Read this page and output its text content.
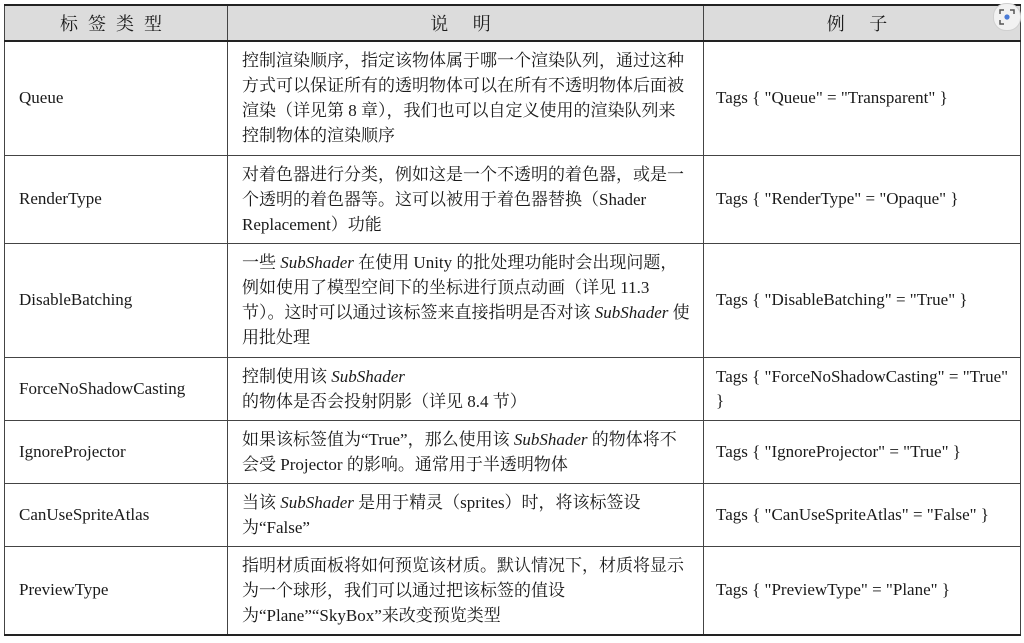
标签类型	说 明	例 子
Queue	控制渲染顺序，指定该物体属于哪一个渲染队列，通过这种方式可以保证所有的透明物体可以在所有不透明物体后面被渲染（详见第 8 章），我们也可以自定义使用的渲染队列来控制物体的渲染顺序	Tags { "Queue" = "Transparent" }
RenderType	对着色器进行分类，例如这是一个不透明的着色器，或是一个透明的着色器等。这可以被用于着色器替换（Shader Replacement）功能	Tags { "RenderType" = "Opaque" }
DisableBatching	一些 SubShader 在使用 Unity 的批处理功能时会出现问题，例如使用了模型空间下的坐标进行顶点动画（详见 11.3 节）。这时可以通过该标签来直接指明是否对该 SubShader 使用批处理	Tags { "DisableBatching" = "True" }
ForceNoShadowCasting	控制使用该 SubShader 的物体是否会投射阴影（详见 8.4 节）	Tags { "ForceNoShadowCasting" = "True" }
IgnoreProjector	如果该标签值为“True”，那么使用该 SubShader 的物体将不会受 Projector 的影响。通常用于半透明物体	Tags { "IgnoreProjector" = "True" }
CanUseSpriteAtlas	当该 SubShader 是用于精灵（sprites）时，将该标签设为“False”	Tags { "CanUseSpriteAtlas" = "False" }
PreviewType	指明材质面板将如何预览该材质。默认情况下，材质将显示为一个球形，我们可以通过把该标签的值设为“Plane”“SkyBox”来改变预览类型	Tags { "PreviewType" = "Plane" }
